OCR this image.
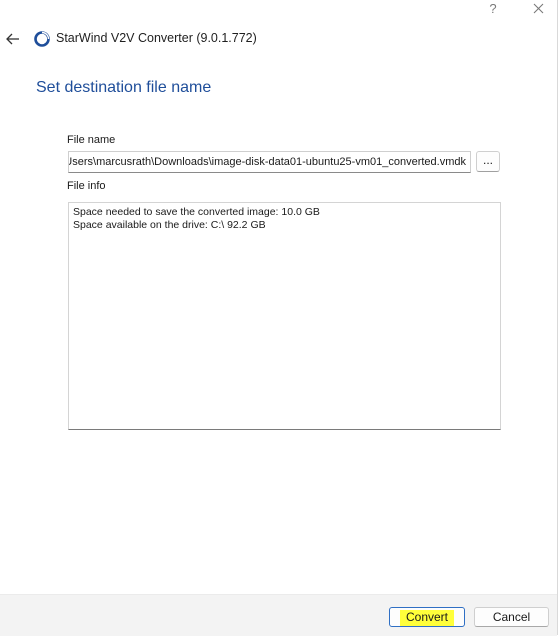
?
StarWind V2V Converter (9.0.1.772)
Set destination file name
File name
C:\Users\marcusrath\Downloads\image-disk-data01-ubuntu25-vm01_converted.vmdk
...
File info
Space needed to save the converted image: 10.0 GB
Space available on the drive: C:\ 92.2 GB
Convert	Cancel
